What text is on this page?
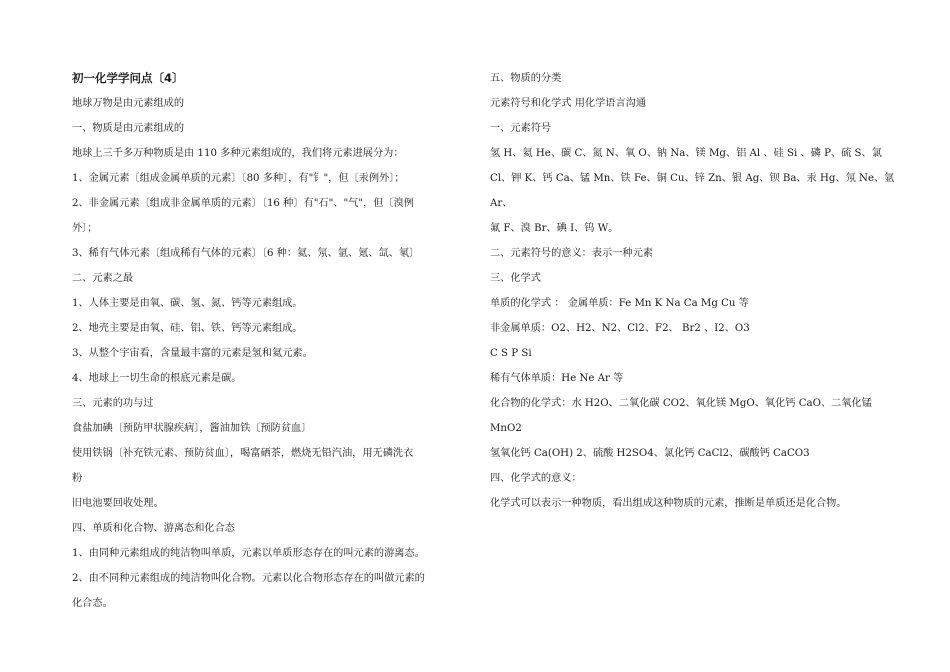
初一化学学问点〔4〕
地球万物是由元素组成的
一、物质是由元素组成的
地球上三千多万种物质是由 110 多种元素组成的，我们将元素进展分为：
1、金属元素〔组成金属单质的元素〕〔80 多种〕，有"钅"，但〔汞例外〕；
2、非金属元素〔组成非金属单质的元素〕〔16 种〕有"石"、"气"，但〔溴例
外〕；
3、稀有气体元素〔组成稀有气体的元素〕〔6 种：氦、氖、氩、氪、氙、氡〕
二、元素之最
1、人体主要是由氧、碳、氢、氮、钙等元素组成。
2、地壳主要是由氧、硅、铝、铁、钙等元素组成。
3、从整个宇宙看，含量最丰富的元素是氢和氦元素。
4、地球上一切生命的根底元素是碳。
三、元素的功与过
食盐加碘〔预防甲状腺疾病〕，酱油加铁〔预防贫血〕
使用铁锅〔补充铁元素、预防贫血〕，喝富硒茶，燃烧无铅汽油，用无磷洗衣
粉
旧电池要回收处理。
四、单质和化合物、游离态和化合态
1、由同种元素组成的纯洁物叫单质，元素以单质形态存在的叫元素的游离态。
2、由不同种元素组成的纯洁物叫化合物。元素以化合物形态存在的叫做元素的
化合态。
五、物质的分类
元素符号和化学式 用化学语言沟通
一、元素符号
氢 H、氦 He、碳 C、氮 N、氧 O、钠 Na、镁 Mg、铝 Al 、硅 Si 、磷 P、硫 S、氯
Cl、钾 K、钙 Ca、锰 Mn、铁 Fe、铜 Cu、锌 Zn、银 Ag、钡 Ba、汞 Hg、氖 Ne、氩
Ar、
氟 F、溴 Br、碘 I、钨 W。
二、元素符号的意义：表示一种元素
三、化学式
单质的化学式 ： 金属单质：Fe Mn K Na Ca Mg Cu 等
非金属单质：O2、H2、N2、Cl2、F2、 Br2 、I2、O3
C S P Si
稀有气体单质：He Ne Ar 等
化合物的化学式：水 H2O、二氧化碳 CO2、氧化镁 MgO、氧化钙 CaO、二氧化锰
MnO2
氢氧化钙 Ca(OH) 2、硫酸 H2SO4、氯化钙 CaCl2、碳酸钙 CaCO3
四、化学式的意义：
化学式可以表示一种物质，看出组成这种物质的元素，推断是单质还是化合物。
